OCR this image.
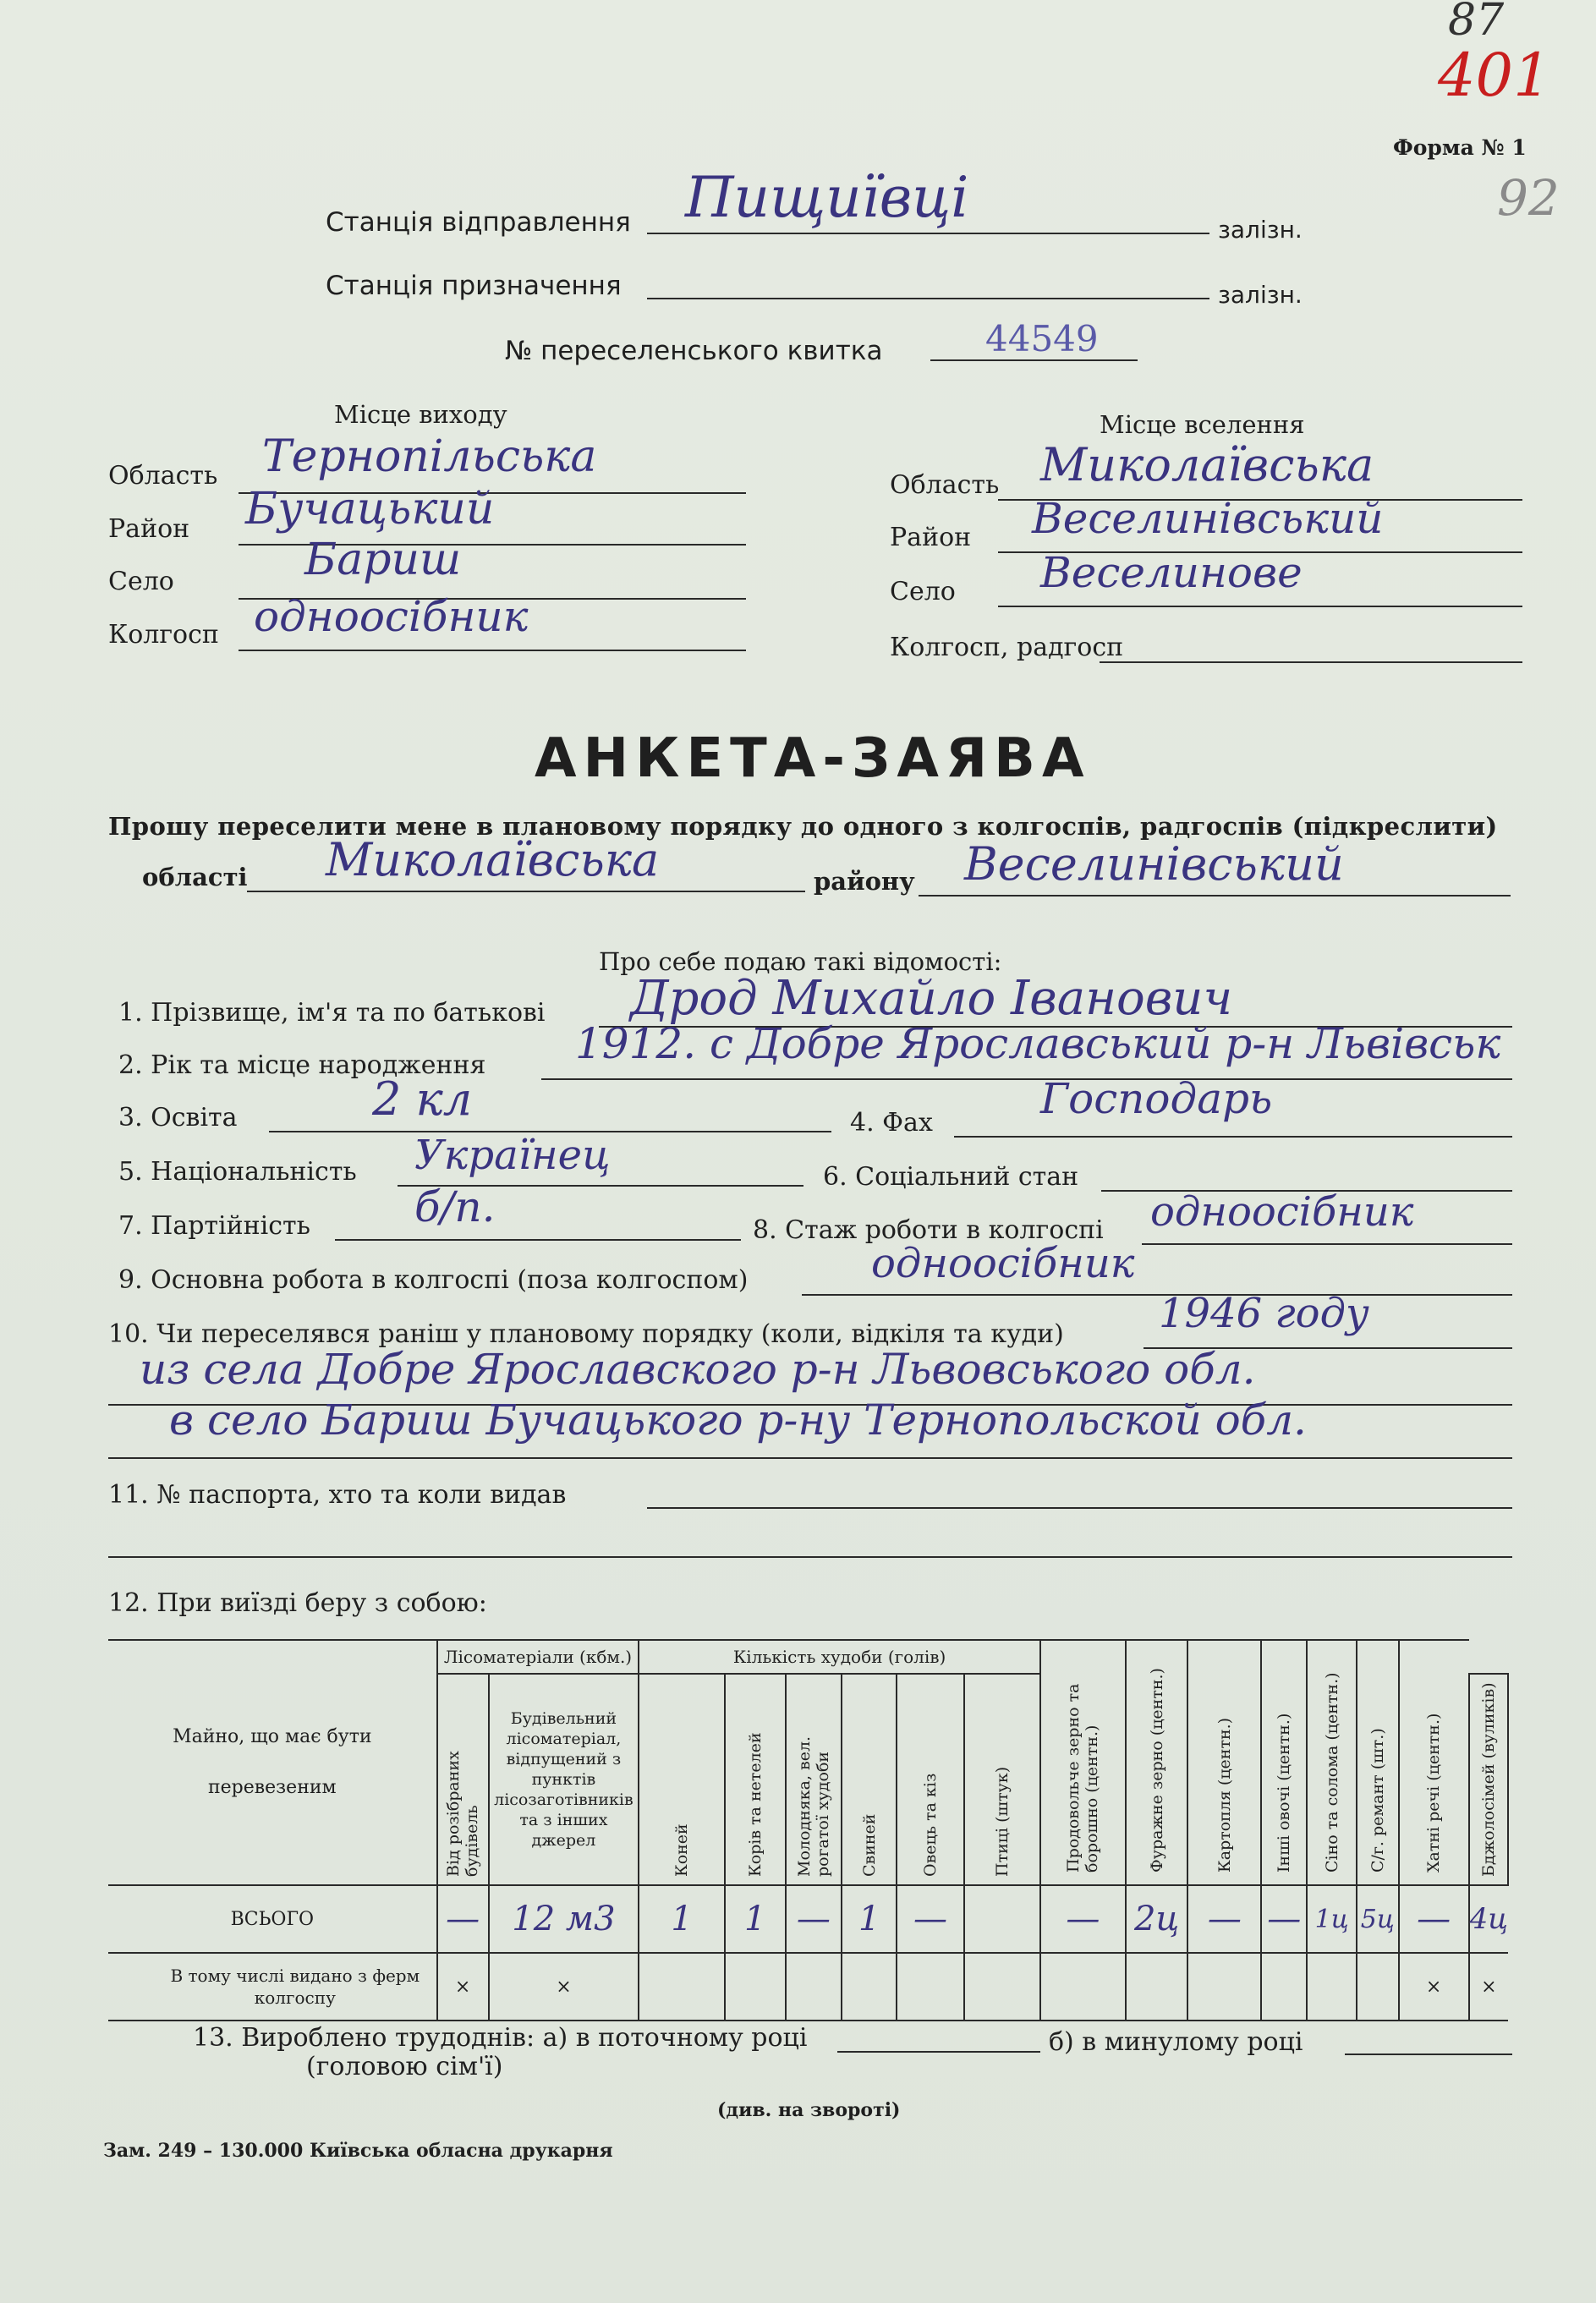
87
401
92
Форма № 1
Станція відправлення Пищиївці	залізн.
Станція призначення	залізн.
№ переселенського квитка	44549
Місце виходу
Область Тернопільська
Район Бучацький
Село	Бариш
Колгосп одноосібник
Місце вселення
Область Миколаївська
Район Веселинівський
Село Веселинове
Колгосп, радгосп
АНКЕТА-ЗАЯВА
Прошу переселити мене в плановому порядку до одного з колгоспів, радгоспів (підкреслити)
області Миколаївська	району Веселинівський
Про себе подаю такі відомості:
1. Прізвище, ім'я та по батькові Дрод Михайло Іванович
2. Рік та місце народження 1912. с Добре Ярославський р-н Львівськ
3. Освіта	2 кл	4. Фах	Господарь
5. Національність Українец	6. Соціальний стан
7. Партійність б/п.	8. Стаж роботи в колгоспі одноосібник
9. Основна робота в колгоспі (поза колгоспом)	одноосібник
10. Чи переселявся раніш у плановому порядку (коли, відкіля та куди) 1946 году
из села Добре Ярославского р-н Львовського обл.
в село Бариш Бучацького р-ну Тернопольской обл.
11. № паспорта, хто та коли видав
12. При виїзді беру з собою:
Майно, що має бути перевезеним	Лісоматеріали (кбм.)		Кількість худоби (голів)						Продовольче зерно та борошно (центн.)	Фуражне зерно (центн.)	Картопля (центн.)	Інші овочі (центн.)	Сіно та солома (центн.)	С/г. ремант (шт.)	Хатні речі (центн.)	

	Від розібраних будівель	Будівельний лісоматеріал, відпущений з пунктів лісозаготівників та з інших джерел	Коней	Корів та нетелей	Молодняка, вел. рогатої худоби	Свиней	Овець та кіз	Птиці (штук)								Бджолосімей (вуликів)

ВСЬОГО	—	12 м3	1	1	—	1	—		—	2ц	—	—	1ц	5ц	—	4ц

В тому числі видано з ферм колгоспу	×	×													×	×
13. Вироблено трудоднів: а) в поточному році	б) в минулому році
(головою сім'ї)
(див. на звороті)
Зам. 249 – 130.000 Київська обласна друкарня
